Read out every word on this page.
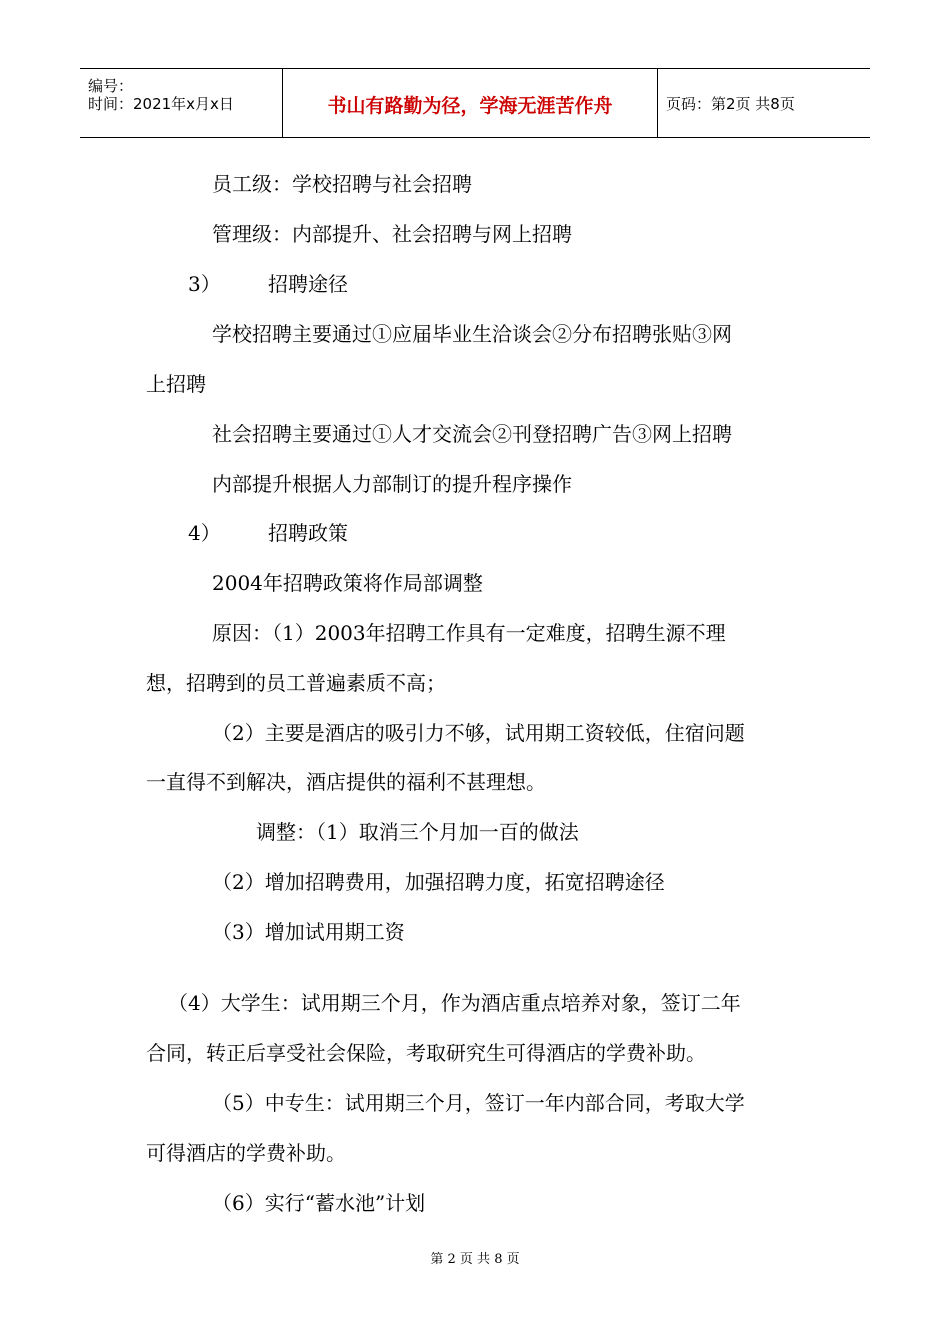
编号：
时间：2021年x月x日	书山有路勤为径，学海无涯苦作舟	页码：第2页 共8页
员工级：学校招聘与社会招聘
管理级：内部提升、社会招聘与网上招聘
3） 招聘途径
学校招聘主要通过①应届毕业生洽谈会②分布招聘张贴③网
上招聘
社会招聘主要通过①人才交流会②刊登招聘广告③网上招聘
内部提升根据人力部制订的提升程序操作
4） 招聘政策
2004年招聘政策将作局部调整
原因：（1）2003年招聘工作具有一定难度，招聘生源不理
想，招聘到的员工普遍素质不高；
（2）主要是酒店的吸引力不够，试用期工资较低，住宿问题
一直得不到解决，酒店提供的福利不甚理想。
调整：（1）取消三个月加一百的做法
（2）增加招聘费用，加强招聘力度，拓宽招聘途径
（3）增加试用期工资
（4）大学生：试用期三个月，作为酒店重点培养对象，签订二年
合同，转正后享受社会保险，考取研究生可得酒店的学费补助。
（5）中专生：试用期三个月，签订一年内部合同，考取大学
可得酒店的学费补助。
（6）实行“蓄水池”计划
第 2 页 共 8 页
